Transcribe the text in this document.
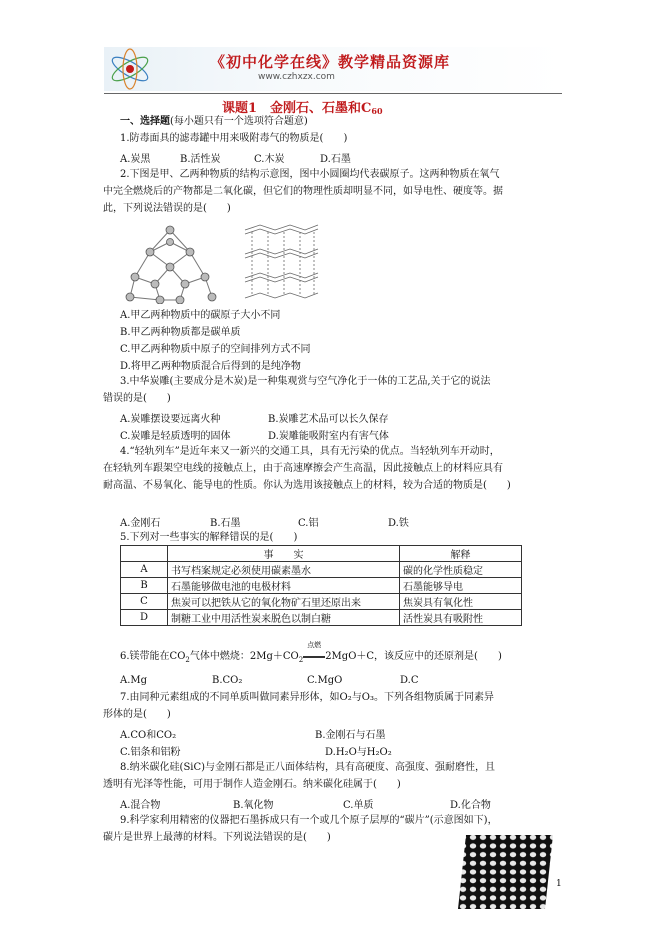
《初中化学在线》教学精品资源库
www.czhxzx.com
课题1　金刚石、石墨和$C_{60}$
一、选择题(每小题只有一个选项符合题意)
1.防毒面具的滤毒罐中用来吸附毒气的物质是(　　)
A.炭黑	B.活性炭	C.木炭	D.石墨
2.下图是甲、乙两种物质的结构示意图，图中小圆圈均代表碳原子。这两种物质在氧气
中完全燃烧后的产物都是二氧化碳，但它们的物理性质却明显不同，如导电性、硬度等。据
此，下列说法错误的是(　　)
A.甲乙两种物质中的碳原子大小不同
B.甲乙两种物质都是碳单质
C.甲乙两种物质中原子的空间排列方式不同
D.将甲乙两种物质混合后得到的是纯净物
3.中华炭雕(主要成分是木炭)是一种集观赏与空气净化于一体的工艺品,关于它的说法
错误的是(　　)
A.炭雕摆设要远离火种	B.炭雕艺术品可以长久保存
C.炭雕是轻质透明的固体	D.炭雕能吸附室内有害气体
4.“轻轨列车”是近年来又一新兴的交通工具，具有无污染的优点。当轻轨列车开动时，
在轻轨列车跟架空电线的接触点上，由于高速摩擦会产生高温，因此接触点上的材料应具有
耐高温、不易氧化、能导电的性质。你认为选用该接触点上的材料，较为合适的物质是(　　)
A.金刚石	B.石墨	C.铝	D.铁
5.下列对一些事实的解释错误的是(　　)
	事　　实	解释
A	书写档案规定必须使用碳素墨水	碳的化学性质稳定
B	石墨能够做电池的电极材料	石墨能够导电
C	焦炭可以把铁从它的氧化物矿石里还原出来	焦炭具有氧化性
D	制糖工业中用活性炭来脱色以制白糖	活性炭具有吸附性
6.镁带能在$CO_2$气体中燃烧：$2Mg+CO_2$
点燃
2MgO＋C，该反应中的还原剂是(　　)
A.Mg	B.CO₂	C.MgO	D.C
7.由同种元素组成的不同单质叫做同素异形体，如O₂与O₃。下列各组物质属于同素异
形体的是(　　)
A.CO和CO₂	B.金刚石与石墨
C.铝条和铝粉	D.H₂O与H₂O₂
8.纳米碳化硅(SiC)与金刚石都是正八面体结构，具有高硬度、高强度、强耐磨性，且
透明有光泽等性能，可用于制作人造金刚石。纳米碳化硅属于(　　)
A.混合物	B.氧化物	C.单质	D.化合物
9.科学家利用精密的仪器把石墨拆成只有一个或几个原子层厚的“碳片”(示意图如下)，
碳片是世界上最薄的材料。下列说法错误的是(　　)
1
